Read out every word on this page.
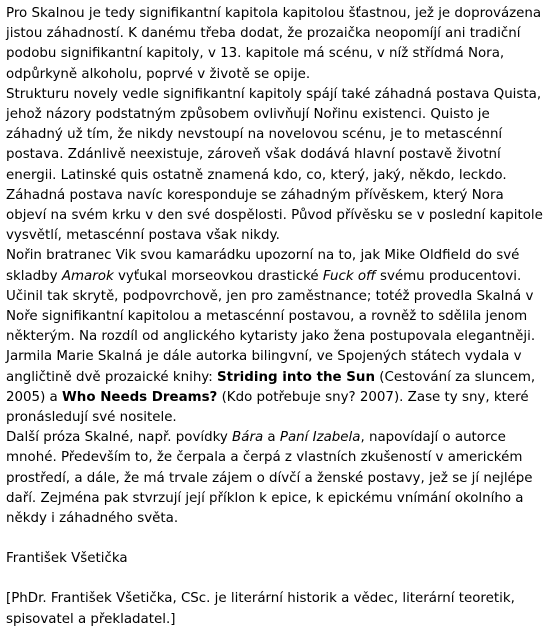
Pro Skalnou je tedy signifikantní kapitola kapitolou šťastnou, jež je doprovázena jistou záhadností. K danému třeba dodat, že prozaička neopomíjí ani tradiční podobu signifikantní kapitoly, v 13. kapitole má scénu, v níž střídmá Nora, odpůrkyně alkoholu, poprvé v životě se opije.

Strukturu novely vedle signifikantní kapitoly spájí také záhadná postava Quista, jehož názory podstatným způsobem ovlivňují Nořinu existenci. Quisto je záhadný už tím, že nikdy nevstoupí na novelovou scénu, je to metascénní postava. Zdánlivě neexistuje, zároveň však dodává hlavní postavě životní energii. Latinské quis ostatně znamená kdo, co, který, jaký, někdo, leckdo. Záhadná postava navíc koresponduje se záhadným přívěskem, který Nora objeví na svém krku v den své dospělosti. Původ přívěsku se v poslední kapitole vysvětlí, metascénní postava však nikdy.

Nořin bratranec Vik svou kamarádku upozorní na to, jak Mike Oldfield do své skladby Amarok vyťukal morseovkou drastické Fuck off svému producentovi. Učinil tak skrytě, podpovrchově, jen pro zaměstnance; totéž provedla Skalná v Noře signifikantní kapitolou a metascénní postavou, a rovněž to sdělila jenom některým. Na rozdíl od anglického kytaristy jako žena postupovala elegantněji.

Jarmila Marie Skalná je dále autorka bilingvní, ve Spojených státech vydala v angličtině dvě prozaické knihy: Striding into the Sun (Cestování za sluncem, 2005) a Who Needs Dreams? (Kdo potřebuje sny? 2007). Zase ty sny, které pronásledují své nositele.

Další próza Skalné, např. povídky Bára a Paní Izabela, napovídají o autorce mnohé. Především to, že čerpala a čerpá z vlastních zkušeností v americkém prostředí, a dále, že má trvale zájem o dívčí a ženské postavy, jež se jí nejlépe daří. Zejména pak stvrzují její příklon k epice, k epickému vnímání okolního a někdy i záhadného světa.

František Všetička

[PhDr. František Všetička, CSc. je literární historik a vědec, literární teoretik, spisovatel a překladatel.]
